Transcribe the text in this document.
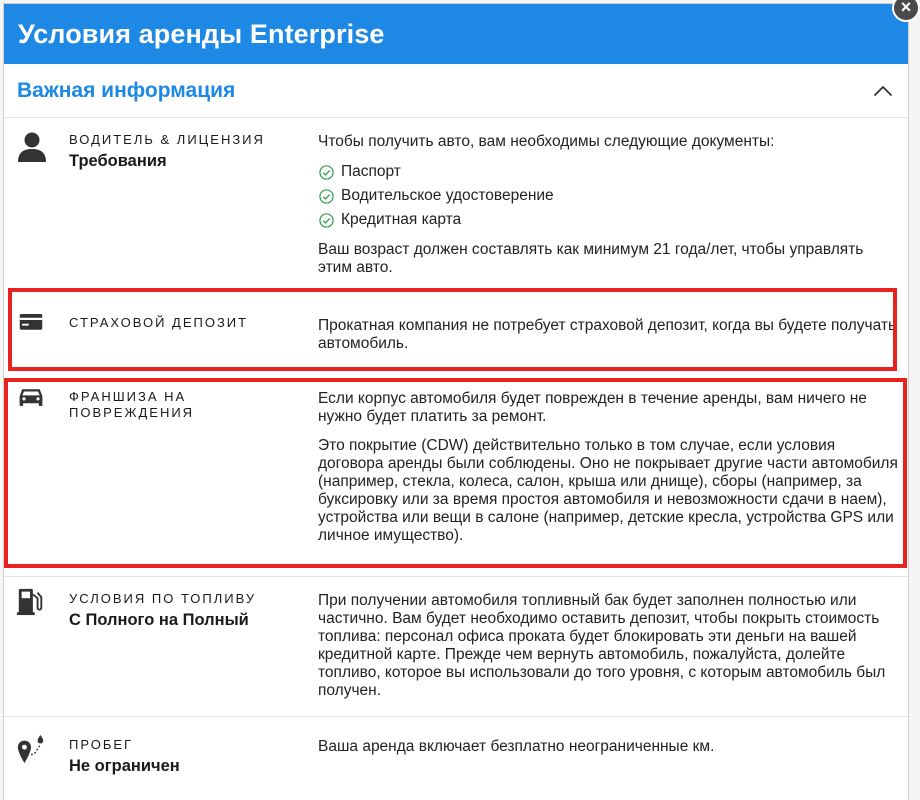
Условия аренды Enterprise
Важная информация
ВОДИТЕЛЬ & ЛИЦЕНЗИЯ
Требования

Чтобы получить авто, вам необходимы следующие документы:

Паспорт
Водительское удостоверение
Кредитная карта

Ваш возраст должен составлять как минимум 21 года/лет, чтобы управлять этим авто.

СТРАХОВОЙ ДЕПОЗИТ	Прокатная компания не потребует страховой депозит, когда вы будете получать автомобиль.

ФРАНШИЗА НА ПОВРЕЖДЕНИЯ

Если корпус автомобиля будет поврежден в течение аренды, вам ничего не нужно будет платить за ремонт.

Это покрытие (CDW) действительно только в том случае, если условия договора аренды были соблюдены. Оно не покрывает другие части автомобиля (например, стекла, колеса, салон, крыша или днище), сборы (например, за буксировку или за время простоя автомобиля и невозможности сдачи в наем), устройства или вещи в салоне (например, детские кресла, устройства GPS или личное имущество).

УСЛОВИЯ ПО ТОПЛИВУ
С Полного на Полный

При получении автомобиля топливный бак будет заполнен полностью или частично. Вам будет необходимо оставить депозит, чтобы покрыть стоимость топлива: персонал офиса проката будет блокировать эти деньги на вашей кредитной карте. Прежде чем вернуть автомобиль, пожалуйста, долейте топливо, которое вы использовали до того уровня, с которым автомобиль был получен.

ПРОБЕГ
Не ограничен

Ваша аренда включает безплатно неограниченные км.

×
